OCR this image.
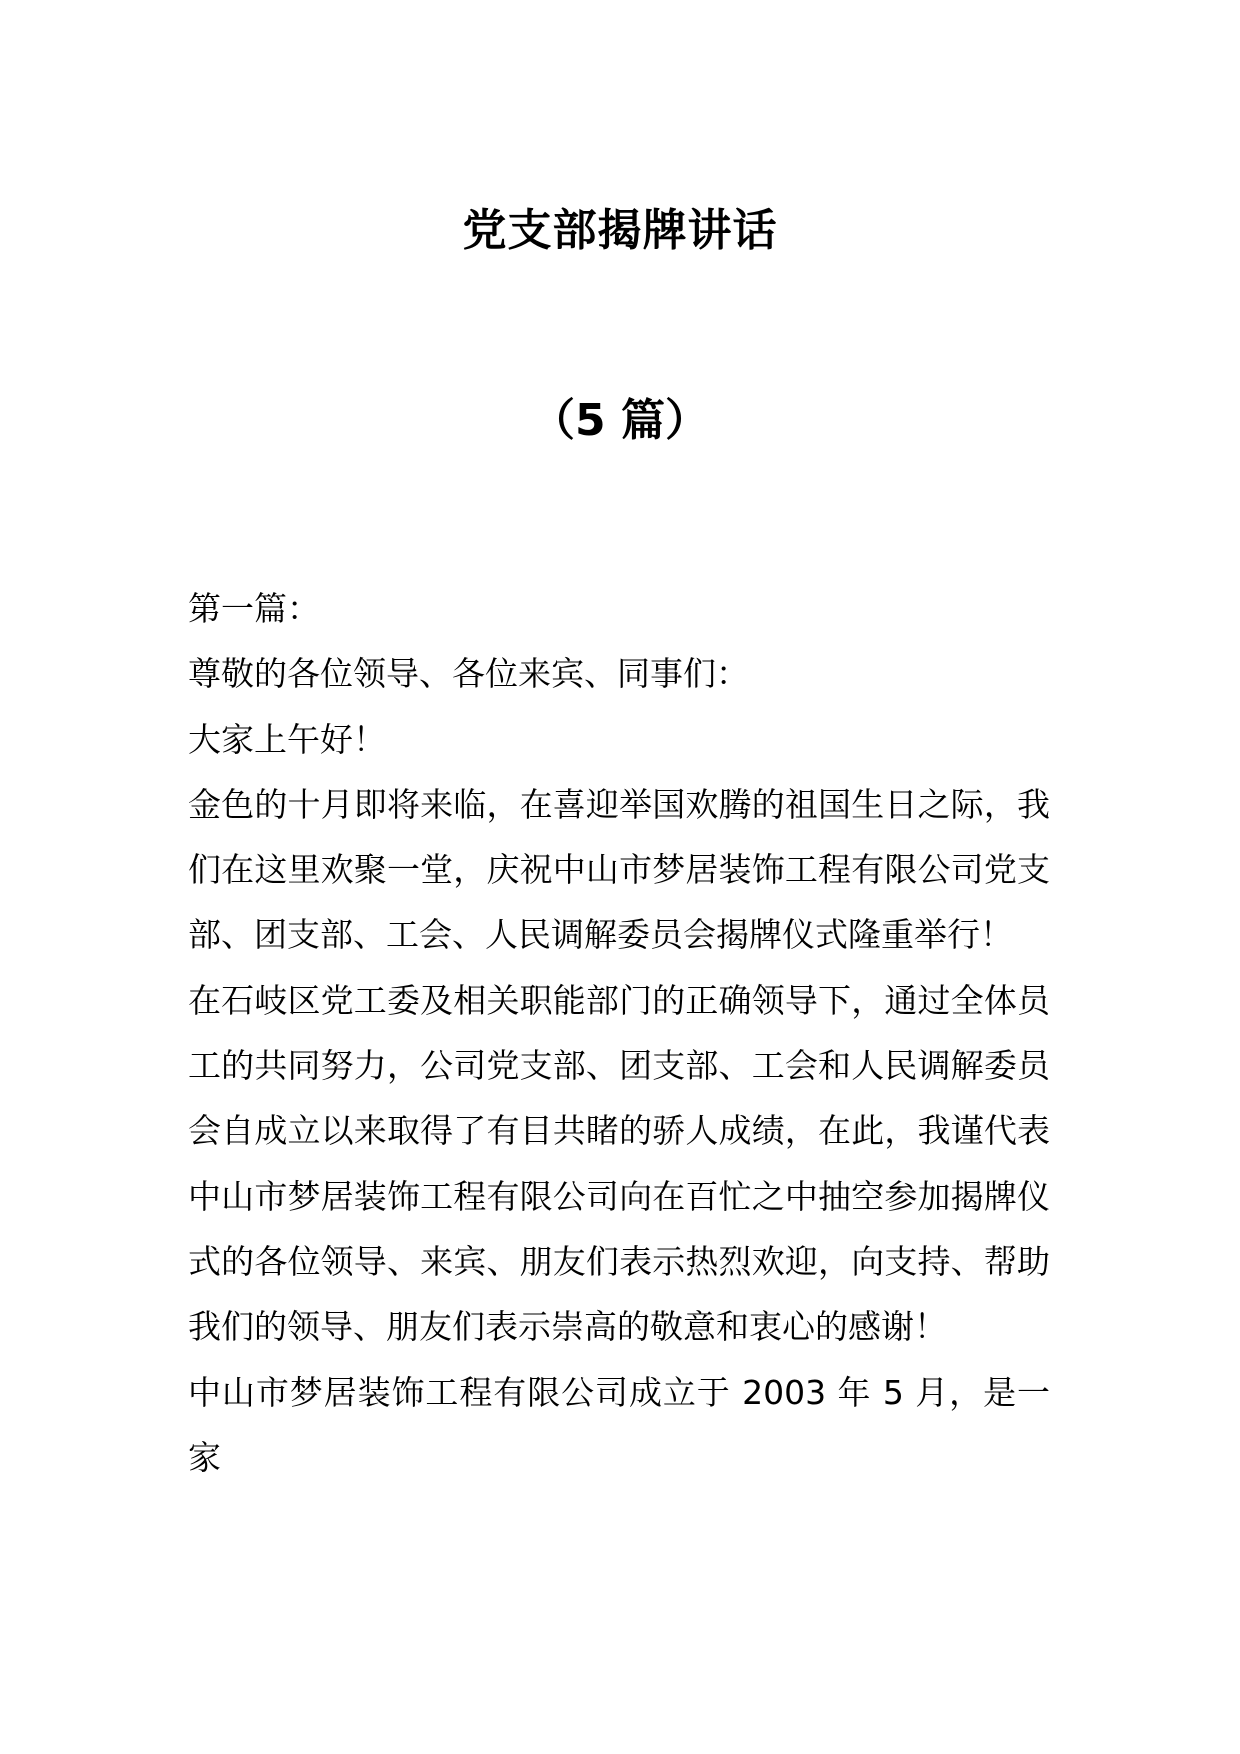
党支部揭牌讲话
（5 篇）

第一篇：

尊敬的各位领导、各位来宾、同事们：

大家上午好！

金色的十月即将来临，在喜迎举国欢腾的祖国生日之际，我们在这里欢聚一堂，庆祝中山市梦居装饰工程有限公司党支部、团支部、工会、人民调解委员会揭牌仪式隆重举行！

在石岐区党工委及相关职能部门的正确领导下，通过全体员工的共同努力，公司党支部、团支部、工会和人民调解委员会自成立以来取得了有目共睹的骄人成绩，在此，我谨代表中山市梦居装饰工程有限公司向在百忙之中抽空参加揭牌仪式的各位领导、来宾、朋友们表示热烈欢迎，向支持、帮助我们的领导、朋友们表示崇高的敬意和衷心的感谢！

中山市梦居装饰工程有限公司成立于 2003 年 5 月，是一家
